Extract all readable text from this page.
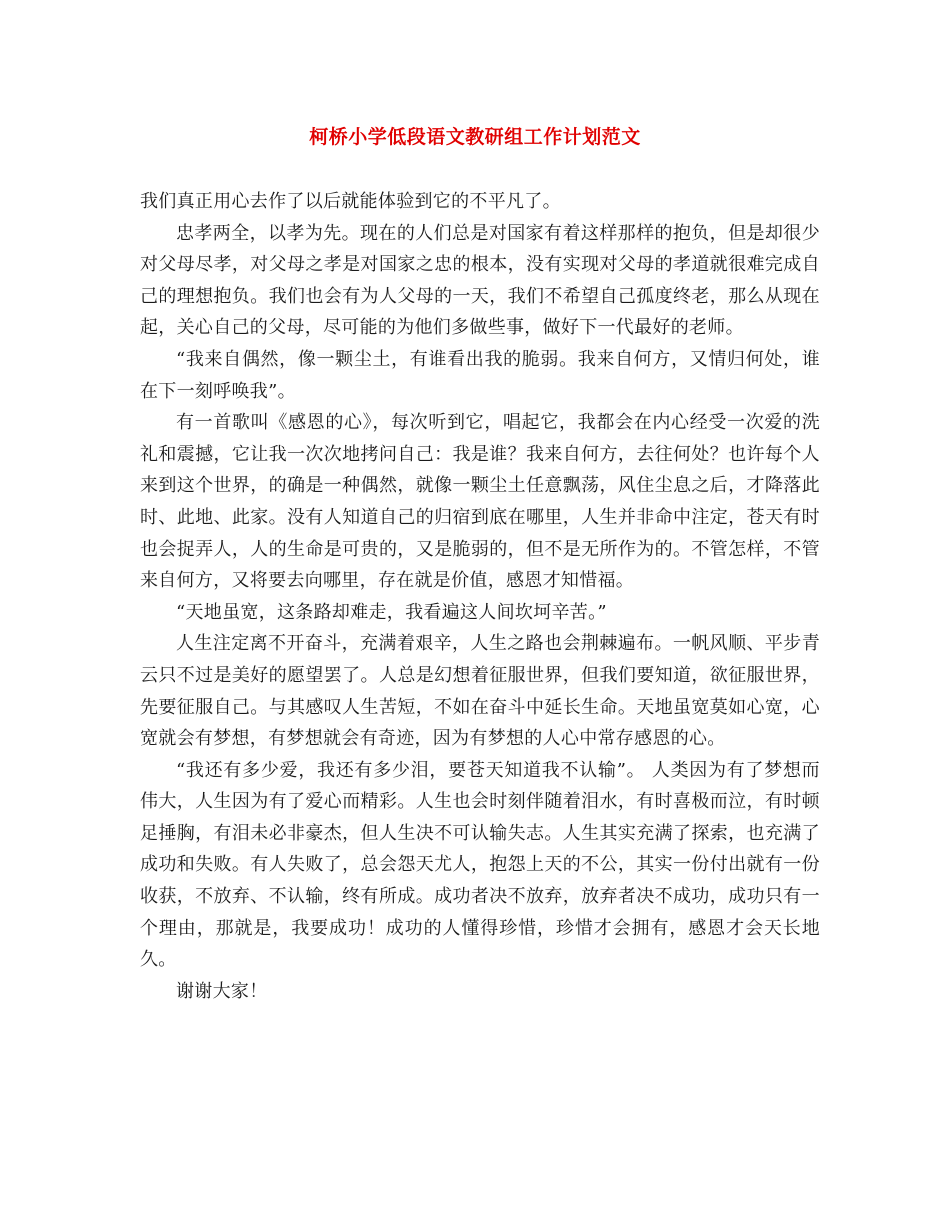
柯桥小学低段语文教研组工作计划范文

我们真正用心去作了以后就能体验到它的不平凡了。

忠孝两全，以孝为先。现在的人们总是对国家有着这样那样的抱负，但是却很少对父母尽孝，对父母之孝是对国家之忠的根本，没有实现对父母的孝道就很难完成自己的理想抱负。我们也会有为人父母的一天，我们不希望自己孤度终老，那么从现在起，关心自己的父母，尽可能的为他们多做些事，做好下一代最好的老师。

“我来自偶然，像一颗尘土，有谁看出我的脆弱。我来自何方，又情归何处，谁在下一刻呼唤我”。

有一首歌叫《感恩的心》，每次听到它，唱起它，我都会在内心经受一次爱的洗礼和震撼，它让我一次次地拷问自己：我是谁？我来自何方，去往何处？也许每个人来到这个世界，的确是一种偶然，就像一颗尘土任意飘荡，风住尘息之后，才降落此时、此地、此家。没有人知道自己的归宿到底在哪里，人生并非命中注定，苍天有时也会捉弄人，人的生命是可贵的，又是脆弱的，但不是无所作为的。不管怎样，不管来自何方，又将要去向哪里，存在就是价值，感恩才知惜福。

“天地虽宽，这条路却难走，我看遍这人间坎坷辛苦。”

人生注定离不开奋斗，充满着艰辛，人生之路也会荆棘遍布。一帆风顺、平步青云只不过是美好的愿望罢了。人总是幻想着征服世界，但我们要知道，欲征服世界，先要征服自己。与其感叹人生苦短，不如在奋斗中延长生命。天地虽宽莫如心宽，心宽就会有梦想，有梦想就会有奇迹，因为有梦想的人心中常存感恩的心。

“我还有多少爱，我还有多少泪，要苍天知道我不认输”。 人类因为有了梦想而伟大，人生因为有了爱心而精彩。人生也会时刻伴随着泪水，有时喜极而泣，有时顿足捶胸，有泪未必非豪杰，但人生决不可认输失志。人生其实充满了探索，也充满了成功和失败。有人失败了，总会怨天尤人，抱怨上天的不公，其实一份付出就有一份收获，不放弃、不认输，终有所成。成功者决不放弃，放弃者决不成功，成功只有一个理由，那就是，我要成功！成功的人懂得珍惜，珍惜才会拥有，感恩才会天长地久。

谢谢大家！
